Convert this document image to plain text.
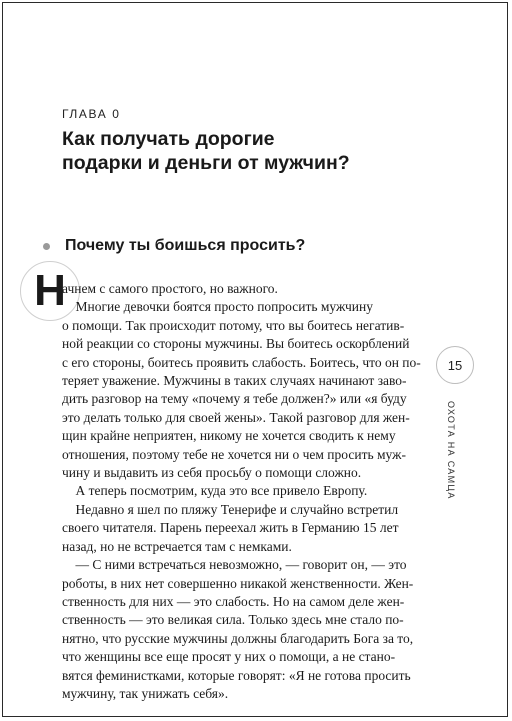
ГЛАВА 0
Как получать дорогие
подарки и деньги от мужчин?
Почему ты боишься просить?
Н
ачнем с самого простого, но важного.
Многие девочки боятся просто попросить мужчину
о помощи. Так происходит потому, что вы боитесь негатив-
ной реакции со стороны мужчины. Вы боитесь оскорблений
с его стороны, боитесь проявить слабость. Боитесь, что он по-
теряет уважение. Мужчины в таких случаях начинают заво-
дить разговор на тему «почему я тебе должен?» или «я буду
это делать только для своей жены». Такой разговор для жен-
щин крайне неприятен, никому не хочется сводить к нему
отношения, поэтому тебе не хочется ни о чем просить муж-
чину и выдавить из себя просьбу о помощи сложно.
А теперь посмотрим, куда это все привело Европу.
Недавно я шел по пляжу Тенерифе и случайно встретил
своего читателя. Парень переехал жить в Германию 15 лет
назад, но не встречается там с немками.
— С ними встречаться невозможно, — говорит он, — это
роботы, в них нет совершенно никакой женственности. Жен-
ственность для них — это слабость. Но на самом деле жен-
ственность — это великая сила. Только здесь мне стало по-
нятно, что русские мужчины должны благодарить Бога за то,
что женщины все еще просят у них о помощи, а не стано-
вятся феминистками, которые говорят: «Я не готова просить
мужчину, так унижать себя».
15
ОХОТА НА САМЦА
